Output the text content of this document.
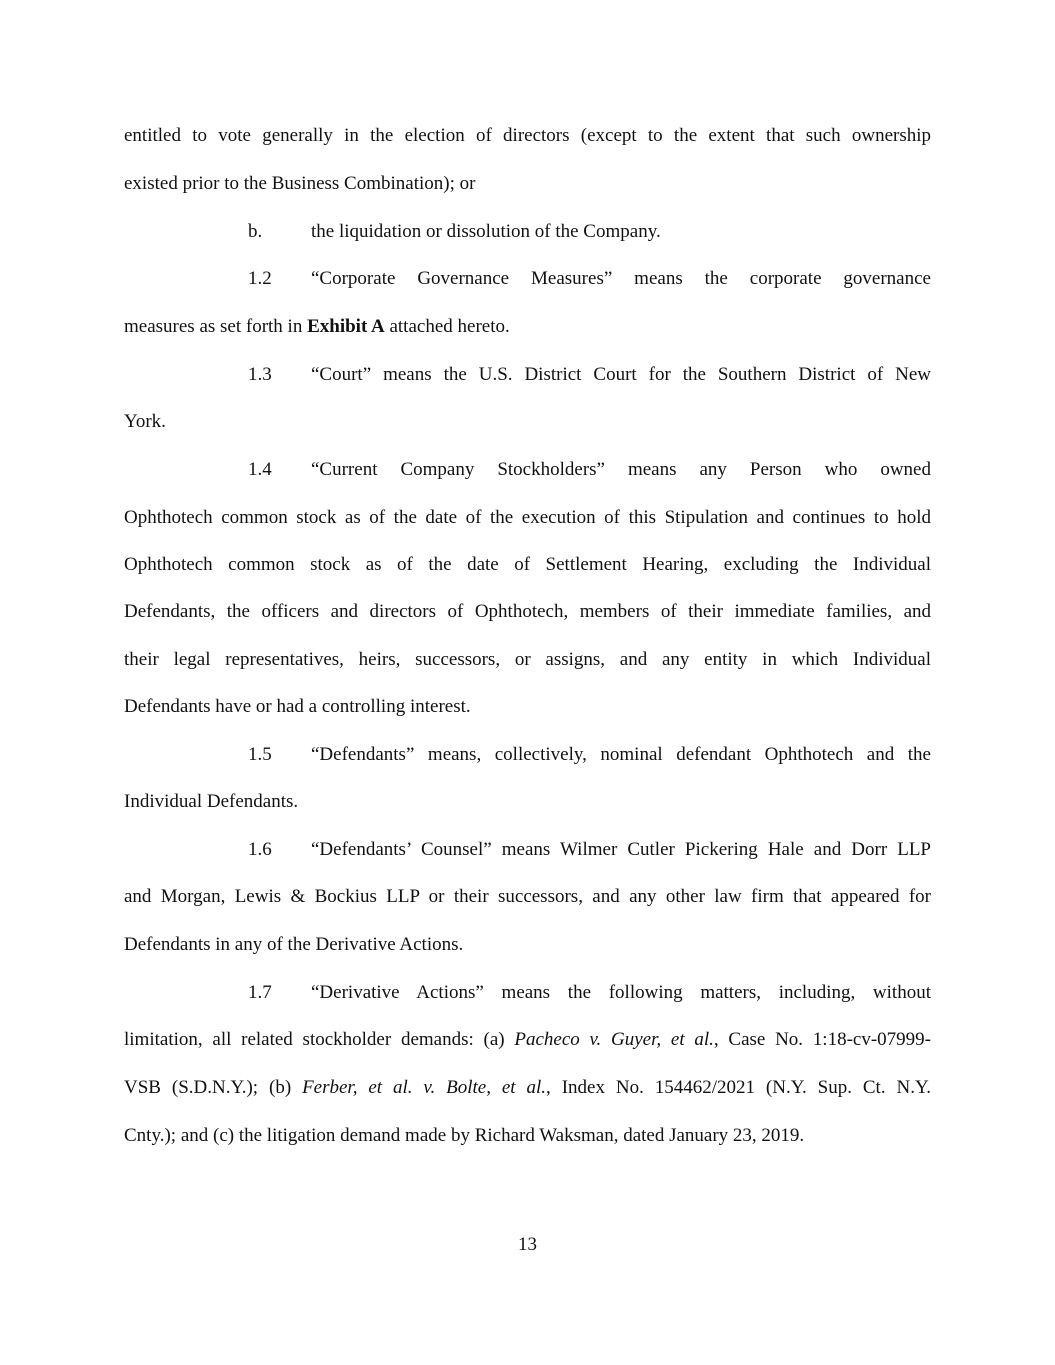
entitled to vote generally in the election of directors (except to the extent that such ownership
existed prior to the Business Combination); or
b.	the liquidation or dissolution of the Company.
1.2 “Corporate Governance Measures” means the corporate governance
measures as set forth in Exhibit A attached hereto.
1.3 “Court” means the U.S. District Court for the Southern District of New
York.
1.4 “Current Company Stockholders” means any Person who owned
Ophthotech common stock as of the date of the execution of this Stipulation and continues to hold
Ophthotech common stock as of the date of Settlement Hearing, excluding the Individual
Defendants, the officers and directors of Ophthotech, members of their immediate families, and
their legal representatives, heirs, successors, or assigns, and any entity in which Individual
Defendants have or had a controlling interest.
1.5 “Defendants” means, collectively, nominal defendant Ophthotech and the
Individual Defendants.
1.6 “Defendants’ Counsel” means Wilmer Cutler Pickering Hale and Dorr LLP
and Morgan, Lewis & Bockius LLP or their successors, and any other law firm that appeared for
Defendants in any of the Derivative Actions.
1.7 “Derivative Actions” means the following matters, including, without
limitation, all related stockholder demands: (a) Pacheco v. Guyer, et al., Case No. 1:18-cv-07999-
VSB (S.D.N.Y.); (b) Ferber, et al. v. Bolte, et al., Index No. 154462/2021 (N.Y. Sup. Ct. N.Y.
Cnty.); and (c) the litigation demand made by Richard Waksman, dated January 23, 2019.
13
